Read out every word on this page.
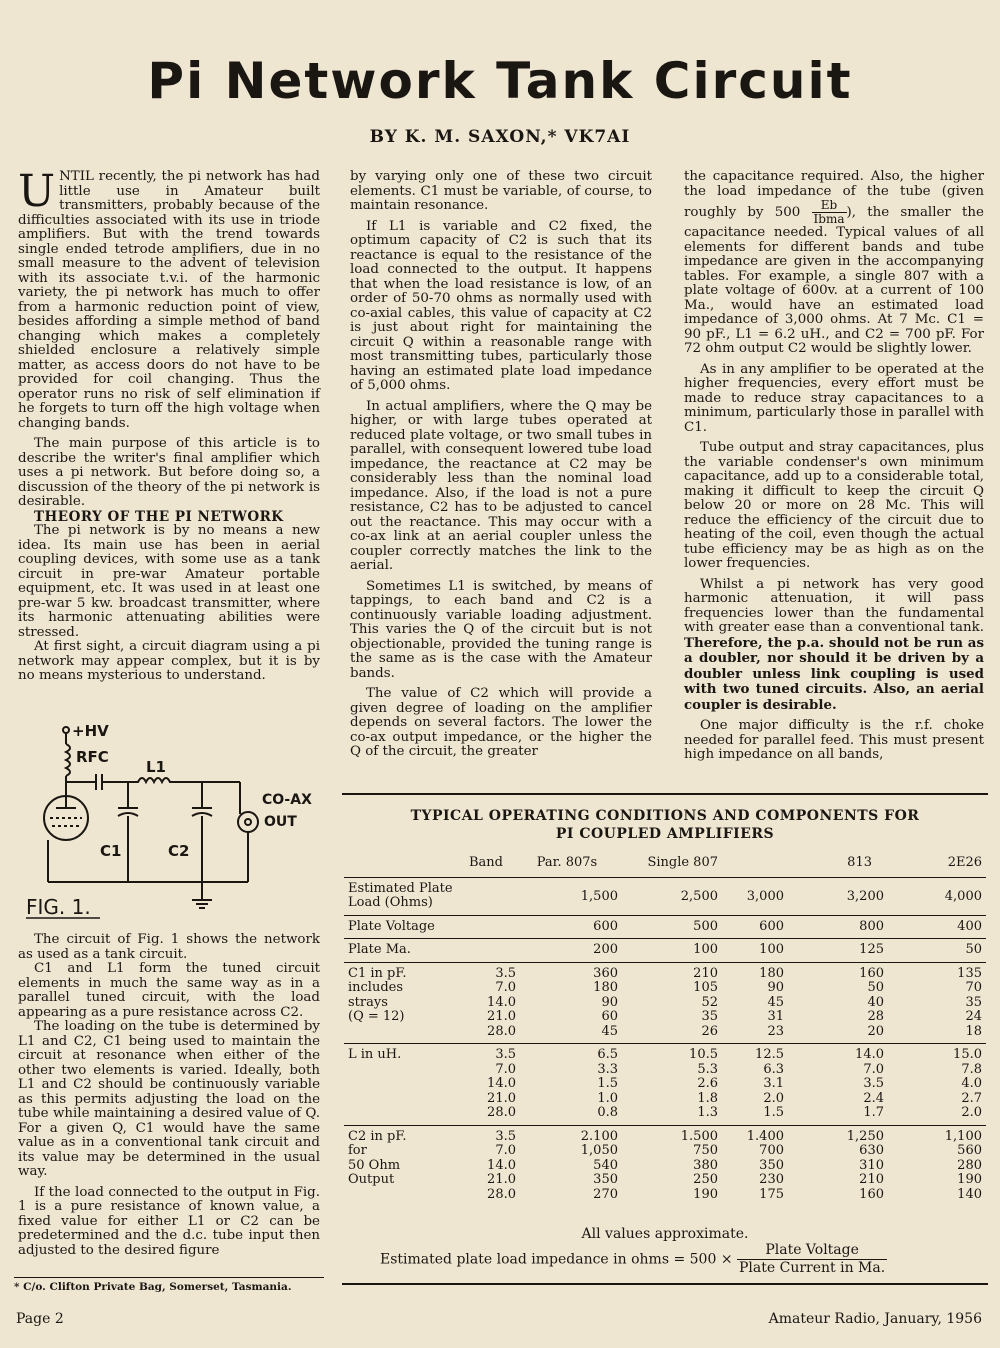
Pi Network Tank Circuit
BY K. M. SAXON,* VK7AI

UNTIL recently, the pi network has had little use in Amateur built transmitters, probably because of the difficulties associated with its use in triode amplifiers. But with the trend towards single ended tetrode amplifiers, due in no small measure to the advent of television with its associate t.v.i. of the harmonic variety, the pi network has much to offer from a harmonic reduction point of view, besides affording a simple method of band changing which makes a completely shielded enclosure a relatively simple matter, as access doors do not have to be provided for coil changing. Thus the operator runs no risk of self elimination if he forgets to turn off the high voltage when changing bands.

The main purpose of this article is to describe the writer's final amplifier which uses a pi network. But before doing so, a discussion of the theory of the pi network is desirable.

THEORY OF THE PI NETWORK

The pi network is by no means a new idea. Its main use has been in aerial coupling devices, with some use as a tank circuit in pre-war Amateur portable equipment, etc. It was used in at least one pre-war 5 kw. broadcast transmitter, where its harmonic attenuating abilities were stressed.

At first sight, a circuit diagram using a pi network may appear complex, but it is by no means mysterious to understand.

+HV
RFC
L1
C1	C2
CO-AX
OUT
FIG. 1.

The circuit of Fig. 1 shows the network as used as a tank circuit.

C1 and L1 form the tuned circuit elements in much the same way as in a parallel tuned circuit, with the load appearing as a pure resistance across C2.

The loading on the tube is determined by L1 and C2, C1 being used to maintain the circuit at resonance when either of the other two elements is varied. Ideally, both L1 and C2 should be continuously variable as this permits adjusting the load on the tube while maintaining a desired value of Q. For a given Q, C1 would have the same value as in a conventional tank circuit and its value may be determined in the usual way.

If the load connected to the output in Fig. 1 is a pure resistance of known value, a fixed value for either L1 or C2 can be predetermined and the d.c. tube input then adjusted to the desired figure

by varying only one of these two circuit elements. C1 must be variable, of course, to maintain resonance.

If L1 is variable and C2 fixed, the optimum capacity of C2 is such that its reactance is equal to the resistance of the load connected to the output. It happens that when the load resistance is low, of an order of 50-70 ohms as normally used with co-axial cables, this value of capacity at C2 is just about right for maintaining the circuit Q within a reasonable range with most transmitting tubes, particularly those having an estimated plate load impedance of 5,000 ohms.

In actual amplifiers, where the Q may be higher, or with large tubes operated at reduced plate voltage, or two small tubes in parallel, with consequent lowered tube load impedance, the reactance at C2 may be considerably less than the nominal load impedance. Also, if the load is not a pure resistance, C2 has to be adjusted to cancel out the reactance. This may occur with a co-ax link at an aerial coupler unless the coupler correctly matches the link to the aerial.

Sometimes L1 is switched, by means of tappings, to each band and C2 is a continuously variable loading adjustment. This varies the Q of the circuit but is not objectionable, provided the tuning range is the same as is the case with the Amateur bands.

The value of C2 which will provide a given degree of loading on the amplifier depends on several factors. The lower the co-ax output impedance, or the higher the Q of the circuit, the greater

the capacitance required. Also, the higher the load impedance of the tube (given roughly by $500 \frac{Eb}{\text{Ibma}}$ ), the smaller the capacitance needed. Typical values of all elements for different bands and tube impedance are given in the accompanying tables. For example, a single 807 with a plate voltage of 600v. at a current of 100 Ma., would have an estimated load impedance of 3,000 ohms. At 7 Mc. C1 = 90 pF., L1 = 6.2 uH., and C2 = 700 pF. For 72 ohm output C2 would be slightly lower.

As in any amplifier to be operated at the higher frequencies, every effort must be made to reduce stray capacitances to a minimum, particularly those in parallel with C1.

Tube output and stray capacitances, plus the variable condenser's own minimum capacitance, add up to a considerable total, making it difficult to keep the circuit Q below 20 or more on 28 Mc. This will reduce the efficiency of the circuit due to heating of the coil, even though the actual tube efficiency may be as high as on the lower frequencies.

Whilst a pi network has very good harmonic attenuation, it will pass frequencies lower than the fundamental with greater ease than a conventional tank. Therefore, the p.a. should not be run as a doubler, nor should it be driven by a doubler unless link coupling is used with two tuned circuits. Also, an aerial coupler is desirable.

One major difficulty is the r.f. choke needed for parallel feed. This must present high impedance on all bands,

TYPICAL OPERATING CONDITIONS AND COMPONENTS FOR
PI COUPLED AMPLIFIERS
	Band	Par. 807s	Single 807		813	2E26
Estimated Plate
Load (Ohms)		1,500	2,500	3,000	3,200	4,000
Plate Voltage		600	500	600	800	400
Plate Ma.		200	100	100	125	50
C1 in pF.	3.5	360	210	180	160	135
includes	7.0	180	105	90	50	70
strays	14.0	90	52	45	40	35
(Q = 12)	21.0	60	35	31	28	24
	28.0	45	26	23	20	18
L in uH.	3.5	6.5	10.5	12.5	14.0	15.0
	7.0	3.3	5.3	6.3	7.0	7.8
	14.0	1.5	2.6	3.1	3.5	4.0
	21.0	1.0	1.8	2.0	2.4	2.7
	28.0	0.8	1.3	1.5	1.7	2.0
C2 in pF.	3.5	2.100	1.500	1.400	1,250	1,100
for	7.0	1,050	750	700	630	560
50 Ohm	14.0	540	380	350	310	280
Output	21.0	350	250	230	210	190
	28.0	270	190	175	160	140
All values approximate.
Estimated plate load impedance in ohms = $500 \times \frac{\text{Plate Voltage}}{\text{Plate Current in Ma.}}$
* C/o. Clifton Private Bag, Somerset, Tasmania.
Page 2	Amateur Radio, January, 1956
